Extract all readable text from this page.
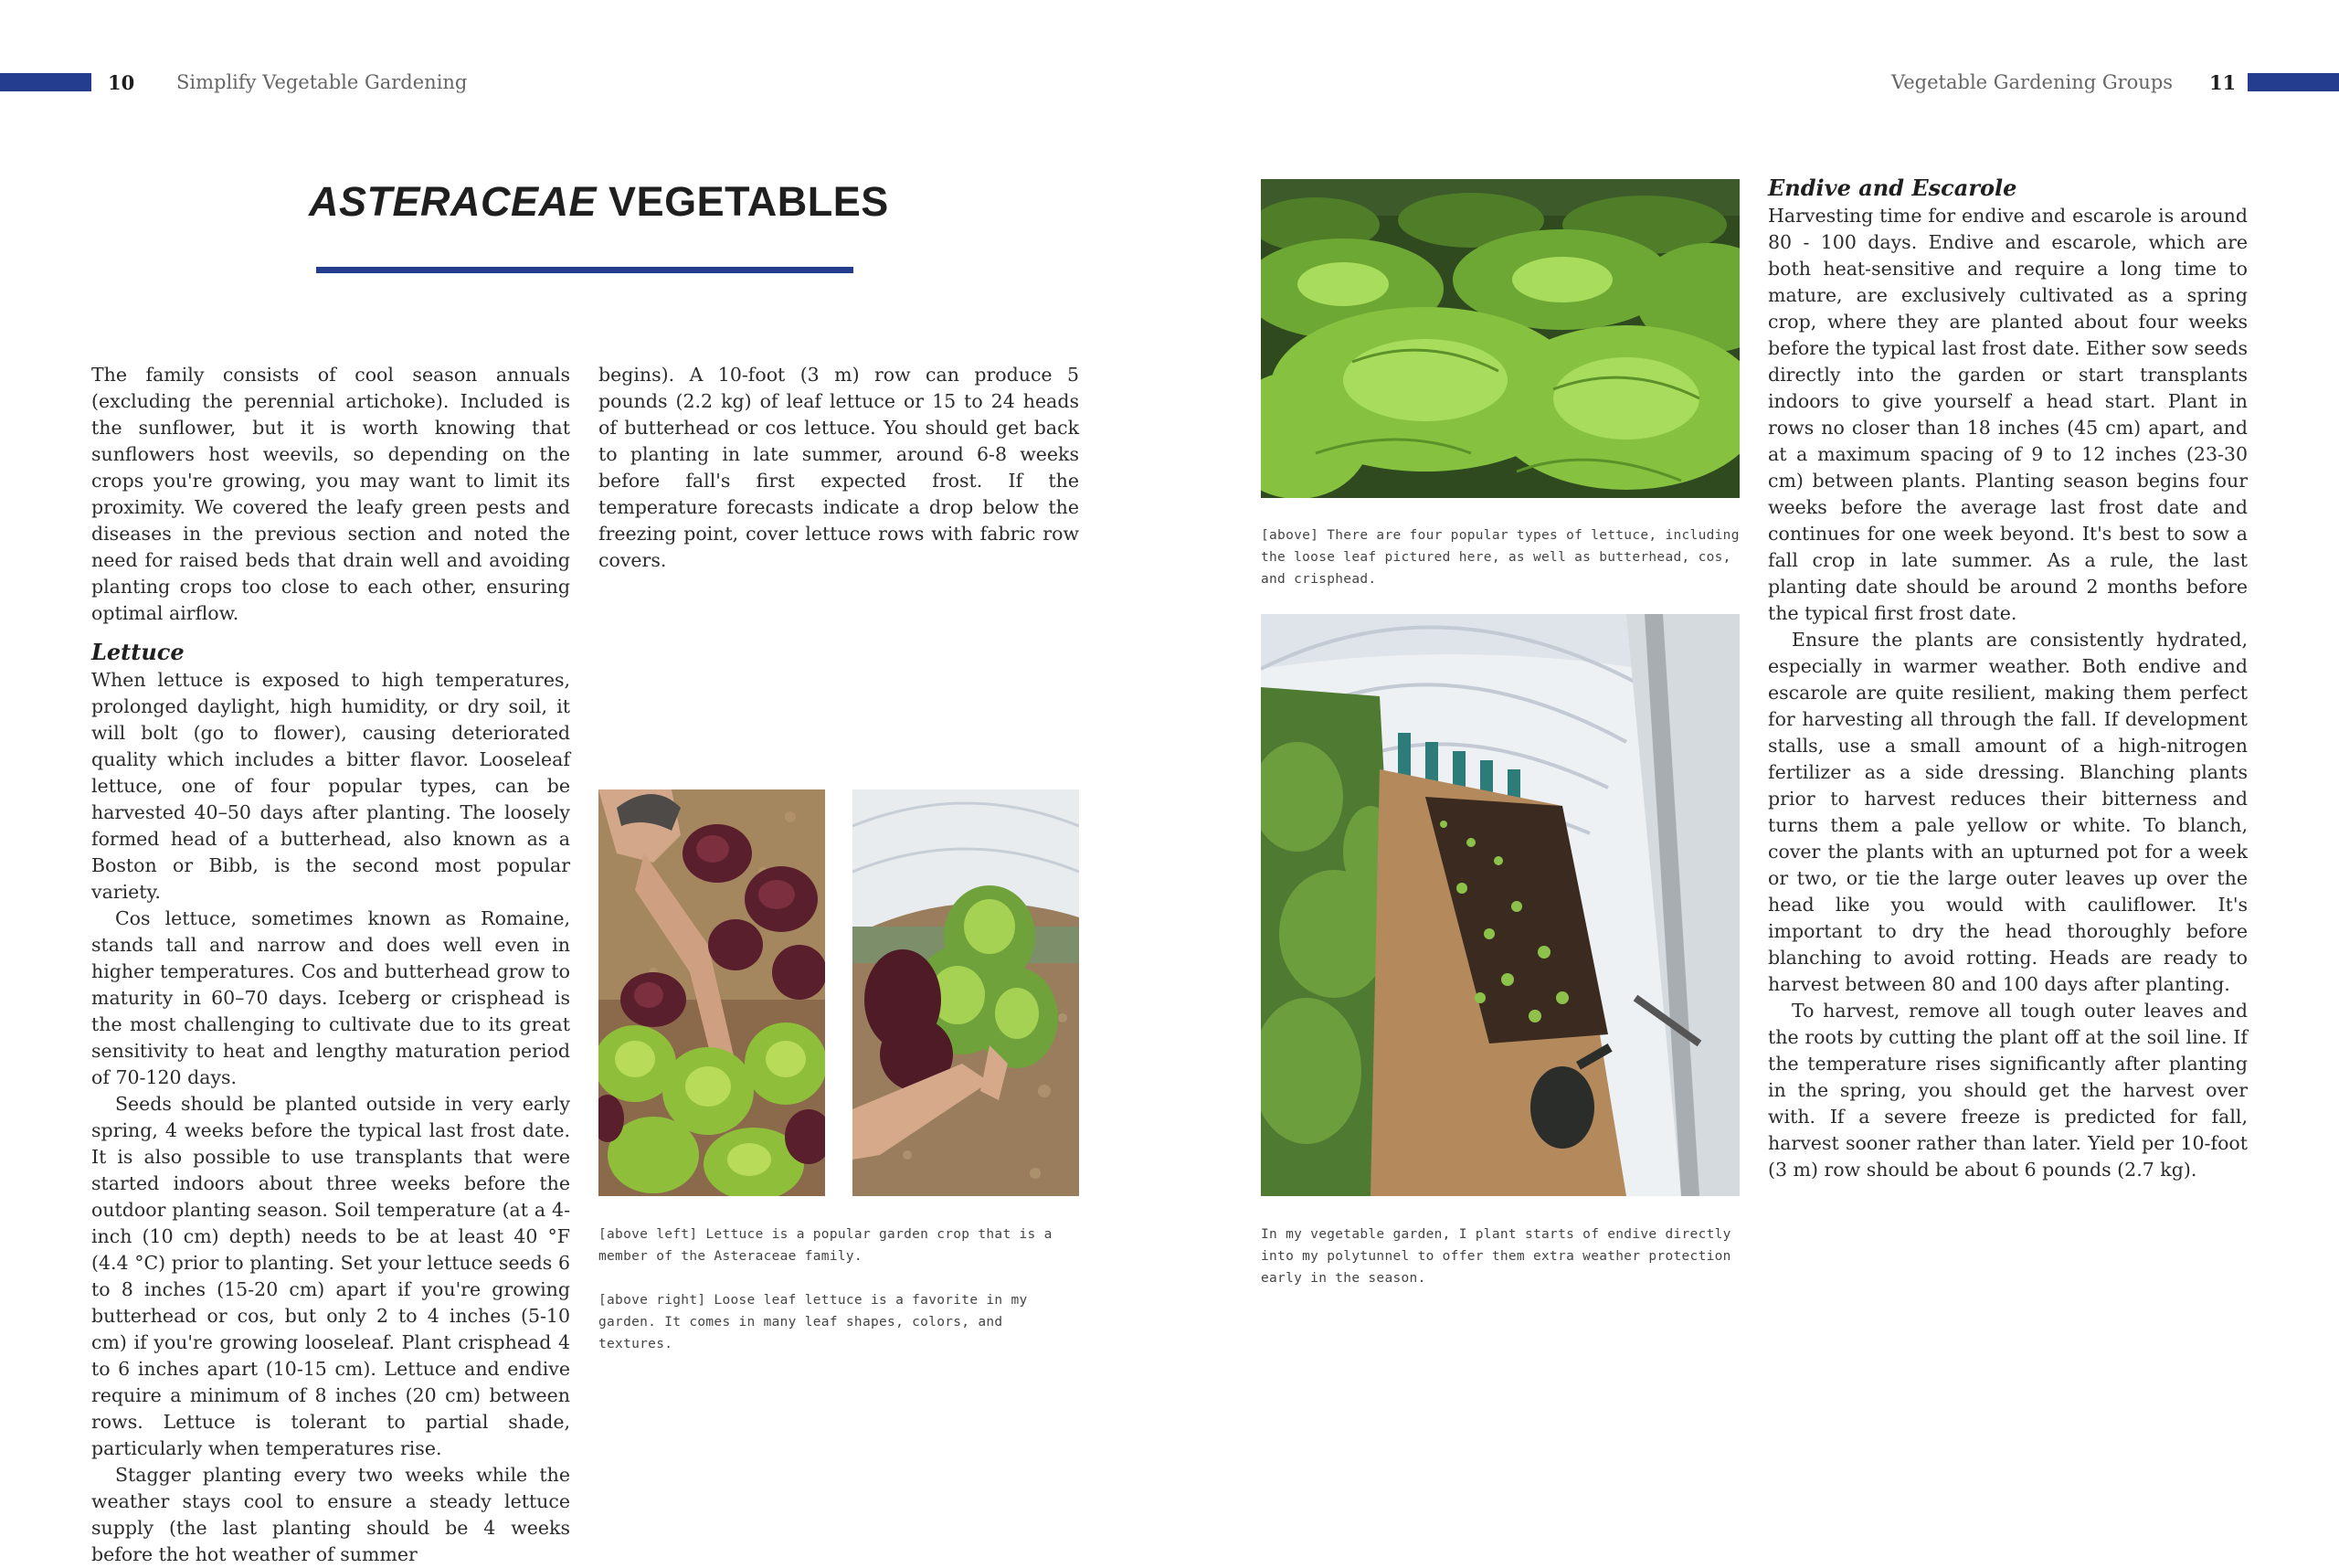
10 Simplify Vegetable Gardening	Vegetable Gardening Groups 11
ASTERACEAE VEGETABLES

The family consists of cool season annuals (excluding the perennial artichoke). Included is the sunflower, but it is worth knowing that sunflowers host weevils, so depending on the crops you're growing, you may want to limit its proximity. We covered the leafy green pests and diseases in the previous section and noted the need for raised beds that drain well and avoiding planting crops too close to each other, ensuring optimal airflow.

Lettuce

When lettuce is exposed to high temperatures, prolonged daylight, high humidity, or dry soil, it will bolt (go to flower), causing deteriorated quality which includes a bitter flavor. Looseleaf lettuce, one of four popular types, can be harvested 40–50 days after planting. The loosely formed head of a butterhead, also known as a Boston or Bibb, is the second most popular variety.

Cos lettuce, sometimes known as Romaine, stands tall and narrow and does well even in higher temperatures. Cos and butterhead grow to maturity in 60–70 days. Iceberg or crisphead is the most challenging to cultivate due to its great sensitivity to heat and lengthy maturation period of 70-120 days.

Seeds should be planted outside in very early spring, 4 weeks before the typical last frost date. It is also possible to use transplants that were started indoors about three weeks before the outdoor planting season. Soil temperature (at a 4-inch (10 cm) depth) needs to be at least 40 °F (4.4 °C) prior to planting. Set your lettuce seeds 6 to 8 inches (15-20 cm) apart if you're growing butterhead or cos, but only 2 to 4 inches (5-10 cm) if you're growing looseleaf. Plant crisphead 4 to 6 inches apart (10-15 cm). Lettuce and endive require a minimum of 8 inches (20 cm) between rows. Lettuce is tolerant to partial shade, particularly when temperatures rise.

Stagger planting every two weeks while the weather stays cool to ensure a steady lettuce supply (the last planting should be 4 weeks before the hot weather of summer

begins). A 10-foot (3 m) row can produce 5 pounds (2.2 kg) of leaf lettuce or 15 to 24 heads of butterhead or cos lettuce. You should get back to planting in late summer, around 6-8 weeks before fall's first expected frost. If the temperature forecasts indicate a drop below the freezing point, cover lettuce rows with fabric row covers.

[above left] Lettuce is a popular garden crop that is a member of the Asteraceae family.

[above right] Loose leaf lettuce is a favorite in my garden. It comes in many leaf shapes, colors, and textures.

[above] There are four popular types of lettuce, including the loose leaf pictured here, as well as butterhead, cos, and crisphead.

In my vegetable garden, I plant starts of endive directly into my polytunnel to offer them extra weather protection early in the season.

Endive and Escarole

Harvesting time for endive and escarole is around 80 - 100 days. Endive and escarole, which are both heat-sensitive and require a long time to mature, are exclusively cultivated as a spring crop, where they are planted about four weeks before the typical last frost date. Either sow seeds directly into the garden or start transplants indoors to give yourself a head start. Plant in rows no closer than 18 inches (45 cm) apart, and at a maximum spacing of 9 to 12 inches (23-30 cm) between plants. Planting season begins four weeks before the average last frost date and continues for one week beyond. It's best to sow a fall crop in late summer. As a rule, the last planting date should be around 2 months before the typical first frost date.

Ensure the plants are consistently hydrated, especially in warmer weather. Both endive and escarole are quite resilient, making them perfect for harvesting all through the fall. If development stalls, use a small amount of a high-nitrogen fertilizer as a side dressing. Blanching plants prior to harvest reduces their bitterness and turns them a pale yellow or white. To blanch, cover the plants with an upturned pot for a week or two, or tie the large outer leaves up over the head like you would with cauliflower. It's important to dry the head thoroughly before blanching to avoid rotting. Heads are ready to harvest between 80 and 100 days after planting.

To harvest, remove all tough outer leaves and the roots by cutting the plant off at the soil line. If the temperature rises significantly after planting in the spring, you should get the harvest over with. If a severe freeze is predicted for fall, harvest sooner rather than later. Yield per 10-foot (3 m) row should be about 6 pounds (2.7 kg).
